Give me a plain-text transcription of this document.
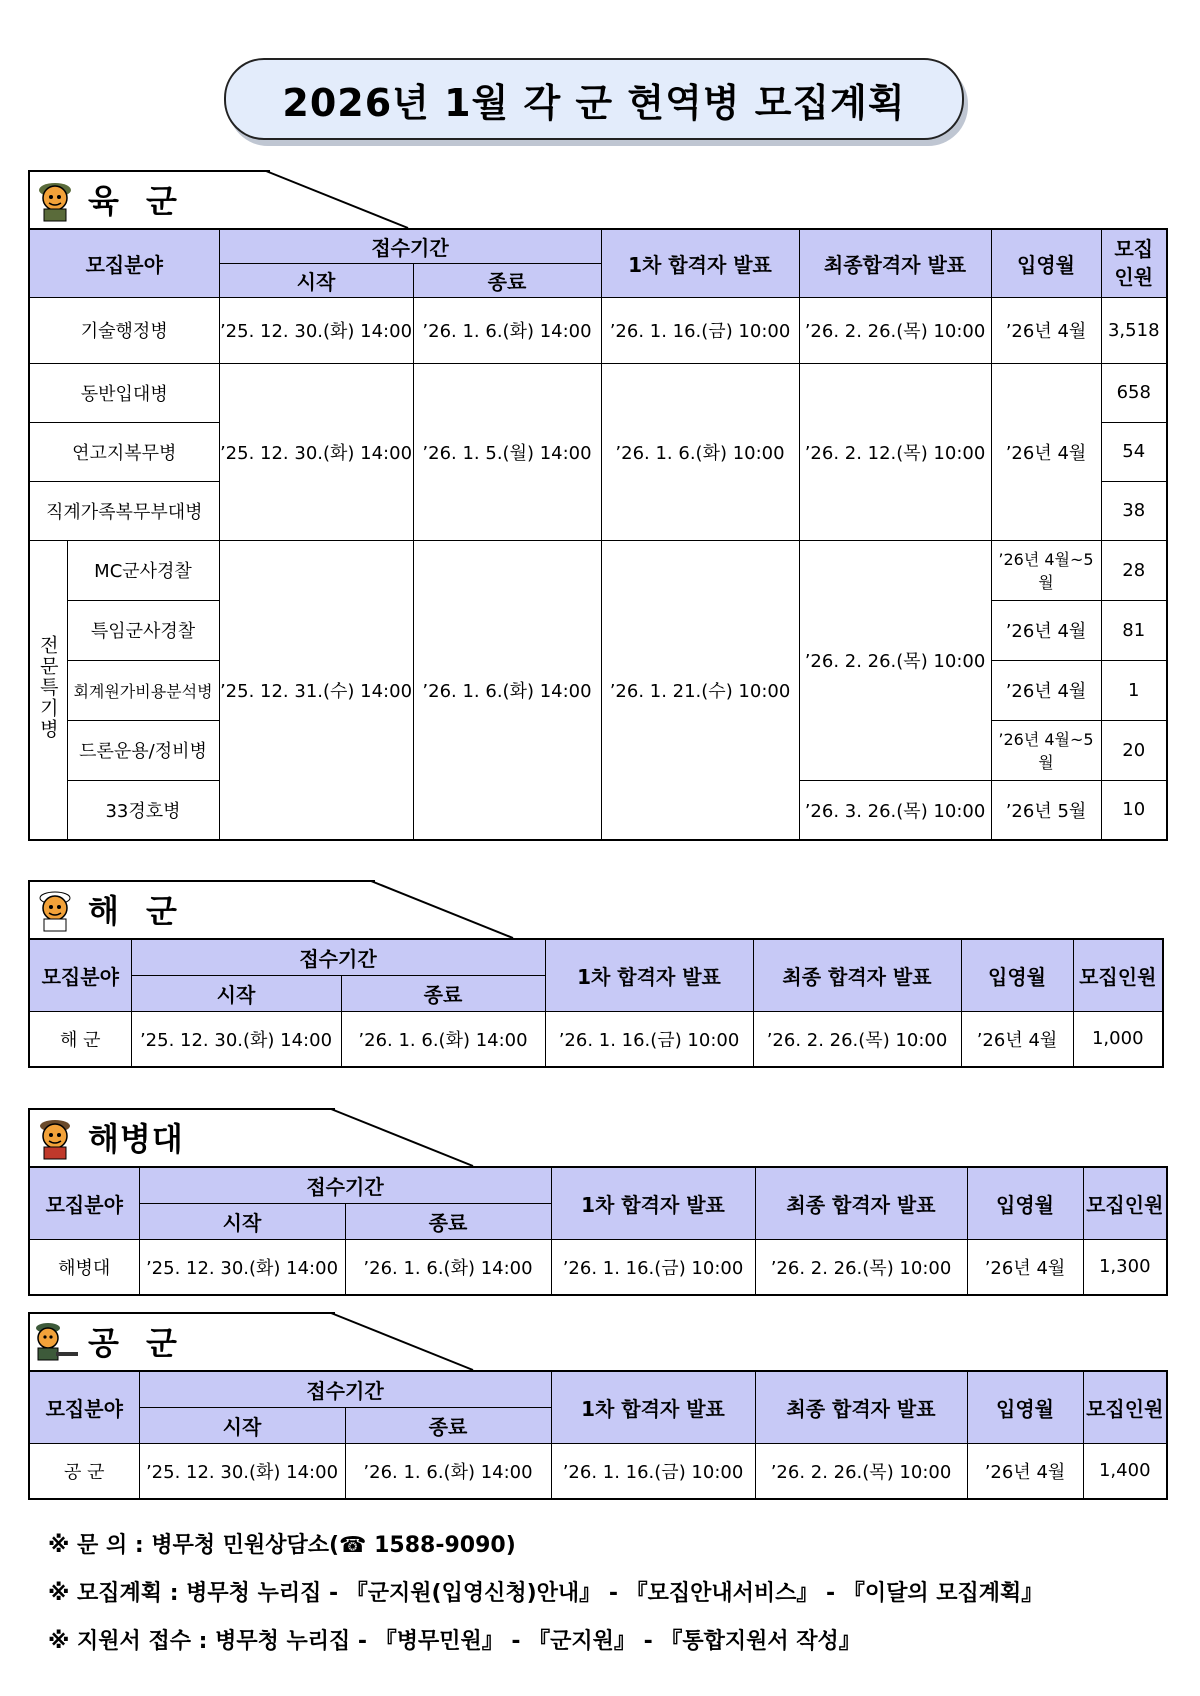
2026년 1월 각 군 현역병 모집계획
육 군
모집분야		접수기간		1차 합격자 발표	최종합격자 발표	입영월	모집
인원
		시작	종료				
기술행정병		’25. 12. 30.(화) 14:00	’26. 1. 6.(화) 14:00	’26. 1. 16.(금) 10:00	’26. 2. 26.(목) 10:00	’26년 4월	3,518
동반입대병		’25. 12. 30.(화) 14:00	’26. 1. 5.(월) 14:00	’26. 1. 6.(화) 10:00	’26. 2. 12.(목) 10:00	’26년 4월	658
연고지복무병							54
직계가족복무부대병							38
전문특기병	MC군사경찰	’25. 12. 31.(수) 14:00	’26. 1. 6.(화) 14:00	’26. 1. 21.(수) 10:00	’26. 2. 26.(목) 10:00	’26년 4월~5월	28
	특임군사경찰					’26년 4월	81
	회계원가비용분석병					’26년 4월	1
	드론운용/정비병					’26년 4월~5월	20
	33경호병				’26. 3. 26.(목) 10:00	’26년 5월	10
해 군
모집분야	접수기간		1차 합격자 발표	최종 합격자 발표	입영월	모집인원
	시작	종료				
해 군	’25. 12. 30.(화) 14:00	’26. 1. 6.(화) 14:00	’26. 1. 16.(금) 10:00	’26. 2. 26.(목) 10:00	’26년 4월	1,000
해병대
모집분야	접수기간		1차 합격자 발표	최종 합격자 발표	입영월	모집인원
	시작	종료				
해병대	’25. 12. 30.(화) 14:00	’26. 1. 6.(화) 14:00	’26. 1. 16.(금) 10:00	’26. 2. 26.(목) 10:00	’26년 4월	1,300
공 군
모집분야	접수기간		1차 합격자 발표	최종 합격자 발표	입영월	모집인원
	시작	종료				
공 군	’25. 12. 30.(화) 14:00	’26. 1. 6.(화) 14:00	’26. 1. 16.(금) 10:00	’26. 2. 26.(목) 10:00	’26년 4월	1,400
※ 문 의 : 병무청 민원상담소(☎ 1588-9090)
※ 모집계획 : 병무청 누리집 - 『군지원(입영신청)안내』 - 『모집안내서비스』 - 『이달의 모집계획』
※ 지원서 접수 : 병무청 누리집 - 『병무민원』 - 『군지원』 - 『통합지원서 작성』
